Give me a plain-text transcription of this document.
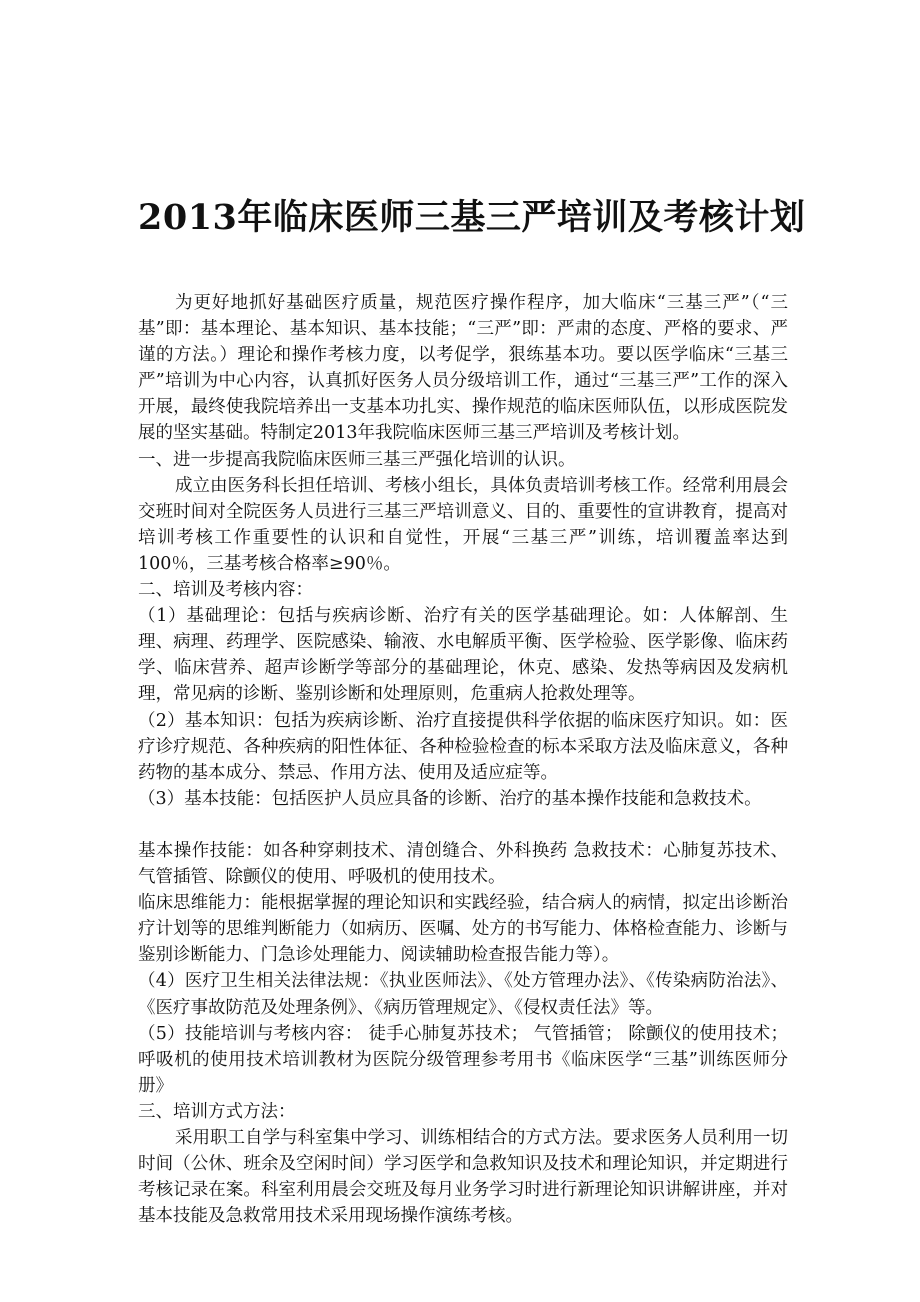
2013年临床医师三基三严培训及考核计划

为更好地抓好基础医疗质量，规范医疗操作程序，加大临床“三基三严”（“三基”即：基本理论、基本知识、基本技能；“三严”即：严肃的态度、严格的要求、严谨的方法。）理论和操作考核力度，以考促学，狠练基本功。要以医学临床“三基三严”培训为中心内容，认真抓好医务人员分级培训工作，通过“三基三严”工作的深入开展，最终使我院培养出一支基本功扎实、操作规范的临床医师队伍，以形成医院发展的坚实基础。特制定2013年我院临床医师三基三严培训及考核计划。

一、进一步提高我院临床医师三基三严强化培训的认识。

成立由医务科长担任培训、考核小组长，具体负责培训考核工作。经常利用晨会交班时间对全院医务人员进行三基三严培训意义、目的、重要性的宣讲教育，提高对培训考核工作重要性的认识和自觉性，开展“三基三严”训练，培训覆盖率达到100％，三基考核合格率≥90％。

二、培训及考核内容：

（1）基础理论：包括与疾病诊断、治疗有关的医学基础理论。如：人体解剖、生理、病理、药理学、医院感染、输液、水电解质平衡、医学检验、医学影像、临床药学、临床营养、超声诊断学等部分的基础理论，休克、感染、发热等病因及发病机理，常见病的诊断、鉴别诊断和处理原则，危重病人抢救处理等。

（2）基本知识：包括为疾病诊断、治疗直接提供科学依据的临床医疗知识。如：医疗诊疗规范、各种疾病的阳性体征、各种检验检查的标本采取方法及临床意义，各种药物的基本成分、禁忌、作用方法、使用及适应症等。

（3）基本技能：包括医护人员应具备的诊断、治疗的基本操作技能和急救技术。

基本操作技能：如各种穿刺技术、清创缝合、外科换药 急救技术：心肺复苏技术、气管插管、除颤仪的使用、呼吸机的使用技术。

临床思维能力：能根据掌握的理论知识和实践经验，结合病人的病情，拟定出诊断治疗计划等的思维判断能力（如病历、医嘱、处方的书写能力、体格检查能力、诊断与鉴别诊断能力、门急诊处理能力、阅读辅助检查报告能力等）。

（4）医疗卫生相关法律法规：《执业医师法》、《处方管理办法》、《传染病防治法》、《医疗事故防范及处理条例》、《病历管理规定》、《侵权责任法》等。

（5）技能培训与考核内容： 徒手心肺复苏技术； 气管插管； 除颤仪的使用技术； 呼吸机的使用技术培训教材为医院分级管理参考用书《临床医学“三基”训练医师分册》

三、培训方式方法：

采用职工自学与科室集中学习、训练相结合的方式方法。要求医务人员利用一切时间（公休、班余及空闲时间）学习医学和急救知识及技术和理论知识，并定期进行考核记录在案。科室利用晨会交班及每月业务学习时进行新理论知识讲解讲座，并对基本技能及急救常用技术采用现场操作演练考核。
